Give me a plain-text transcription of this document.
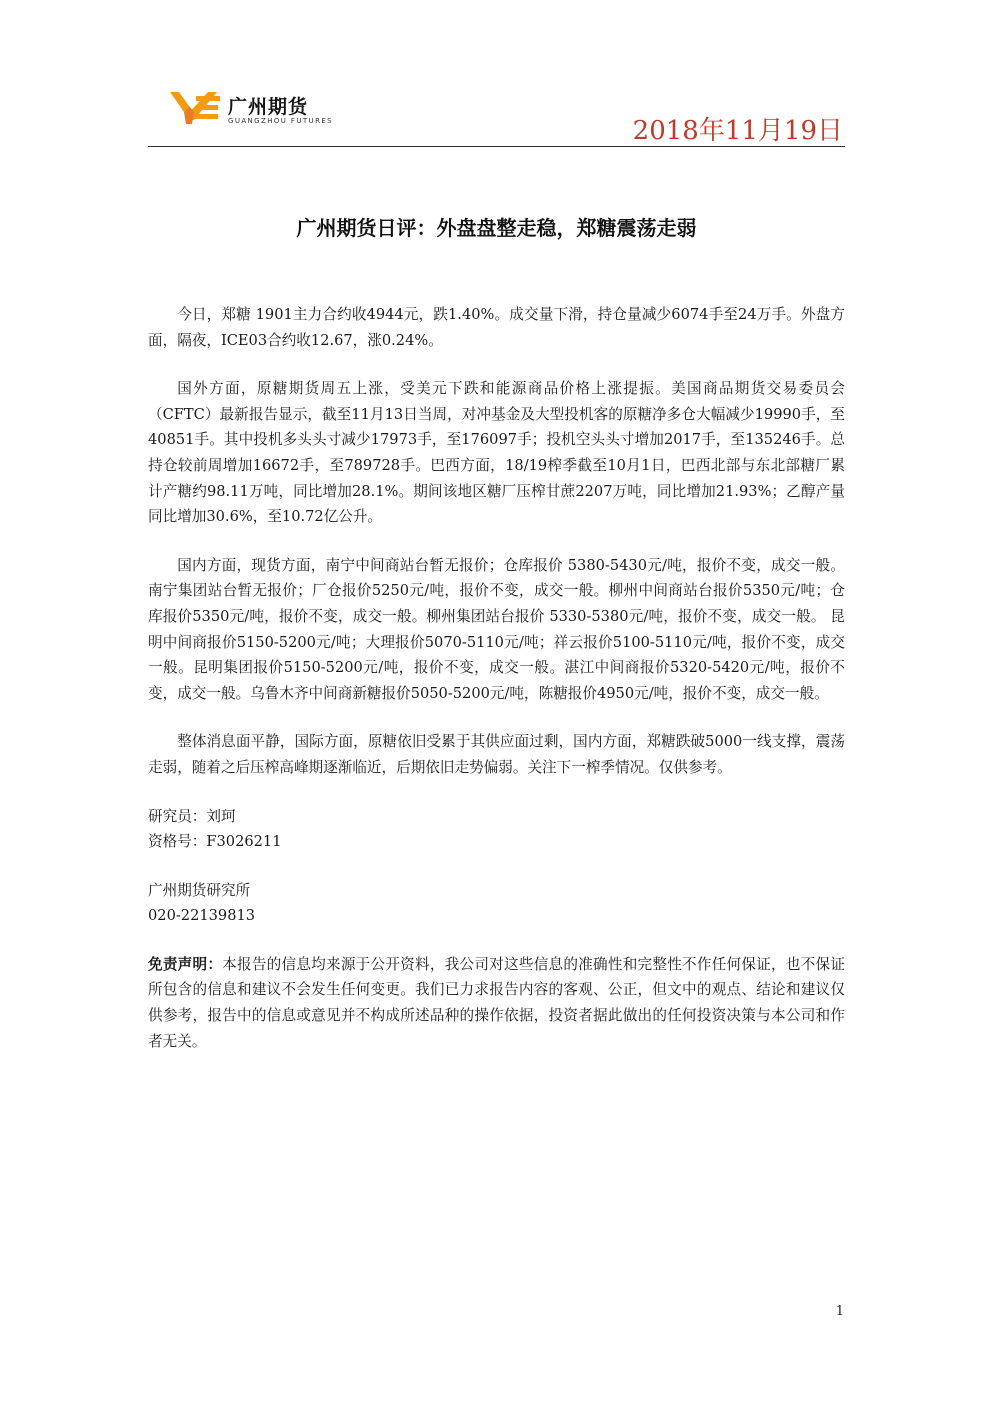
广州期货
GUANGZHOU FUTURES	2018年11月19日
广州期货日评：外盘盘整走稳，郑糖震荡走弱

今日，郑糖 1901主力合约收4944元，跌1.40%。成交量下滑，持仓量减少6074手至24万手。外盘方面，隔夜，ICE03合约收12.67，涨0.24%。

国外方面，原糖期货周五上涨，受美元下跌和能源商品价格上涨提振。美国商品期货交易委员会（CFTC）最新报告显示，截至11月13日当周，对冲基金及大型投机客的原糖净多仓大幅减少19990手，至40851手。其中投机多头头寸减少17973手，至176097手；投机空头头寸增加2017手，至135246手。总持仓较前周增加16672手，至789728手。巴西方面，18/19榨季截至10月1日，巴西北部与东北部糖厂累计产糖约98.11万吨，同比增加28.1%。期间该地区糖厂压榨甘蔗2207万吨，同比增加21.93%；乙醇产量同比增加30.6%，至10.72亿公升。

国内方面，现货方面，南宁中间商站台暂无报价；仓库报价 5380-5430元/吨，报价不变，成交一般。南宁集团站台暂无报价；厂仓报价5250元/吨，报价不变，成交一般。柳州中间商站台报价5350元/吨；仓库报价5350元/吨，报价不变，成交一般。柳州集团站台报价 5330-5380元/吨，报价不变，成交一般。 昆明中间商报价5150-5200元/吨；大理报价5070-5110元/吨；祥云报价5100-5110元/吨，报价不变，成交一般。昆明集团报价5150-5200元/吨，报价不变，成交一般。湛江中间商报价5320-5420元/吨，报价不变，成交一般。乌鲁木齐中间商新糖报价5050-5200元/吨，陈糖报价4950元/吨，报价不变，成交一般。

整体消息面平静，国际方面，原糖依旧受累于其供应面过剩，国内方面，郑糖跌破5000一线支撑，震荡走弱，随着之后压榨高峰期逐渐临近，后期依旧走势偏弱。关注下一榨季情况。仅供参考。

研究员：刘珂

资格号：F3026211

广州期货研究所

020-22139813

免责声明：本报告的信息均来源于公开资料，我公司对这些信息的准确性和完整性不作任何保证，也不保证所包含的信息和建议不会发生任何变更。我们已力求报告内容的客观、公正，但文中的观点、结论和建议仅供参考，报告中的信息或意见并不构成所述品种的操作依据，投资者据此做出的任何投资决策与本公司和作者无关。

1
